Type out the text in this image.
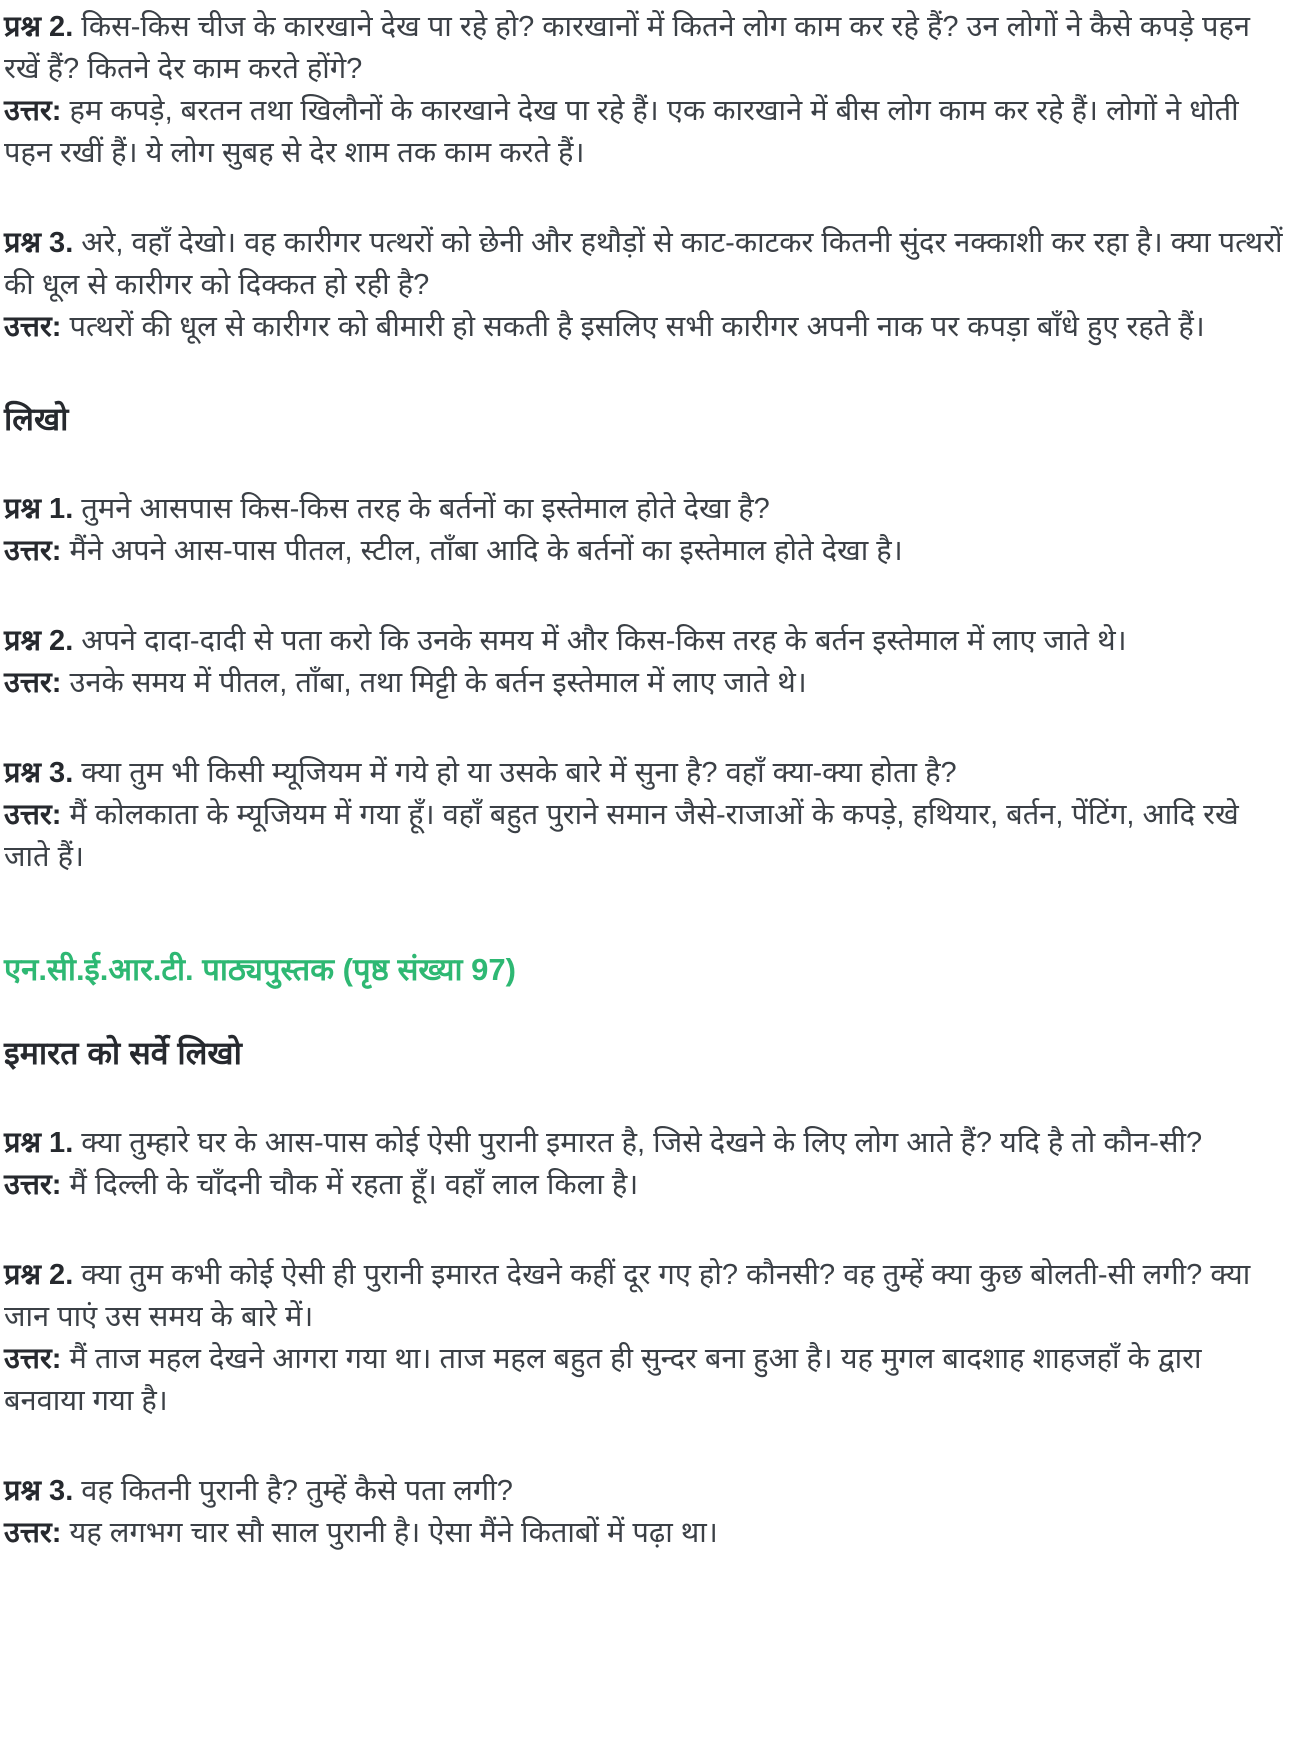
प्रश्न 2. किस-किस चीज के कारखाने देख पा रहे हो? कारखानों में कितने लोग काम कर रहे हैं? उन लोगों ने कैसे कपड़े पहन रखें हैं? कितने देर काम करते होंगे?

उत्तर: हम कपड़े, बरतन तथा खिलौनों के कारखाने देख पा रहे हैं। एक कारखाने में बीस लोग काम कर रहे हैं। लोगों ने धोती पहन रखीं हैं। ये लोग सुबह से देर शाम तक काम करते हैं।

प्रश्न 3. अरे, वहाँ देखो। वह कारीगर पत्थरों को छेनी और हथौड़ों से काट-काटकर कितनी सुंदर नक्काशी कर रहा है। क्या पत्थरों की धूल से कारीगर को दिक्कत हो रही है?

उत्तर: पत्थरों की धूल से कारीगर को बीमारी हो सकती है इसलिए सभी कारीगर अपनी नाक पर कपड़ा बाँधे हुए रहते हैं।

लिखो

प्रश्न 1. तुमने आसपास किस-किस तरह के बर्तनों का इस्तेमाल होते देखा है?

उत्तर: मैंने अपने आस-पास पीतल, स्टील, ताँबा आदि के बर्तनों का इस्तेमाल होते देखा है।

प्रश्न 2. अपने दादा-दादी से पता करो कि उनके समय में और किस-किस तरह के बर्तन इस्तेमाल में लाए जाते थे।

उत्तर: उनके समय में पीतल, ताँबा, तथा मिट्टी के बर्तन इस्तेमाल में लाए जाते थे।

प्रश्न 3. क्या तुम भी किसी म्यूजियम में गये हो या उसके बारे में सुना है? वहाँ क्या-क्या होता है?

उत्तर: मैं कोलकाता के म्यूजियम में गया हूँ। वहाँ बहुत पुराने समान जैसे-राजाओं के कपड़े, हथियार, बर्तन, पेंटिंग, आदि रखे जाते हैं।

एन.सी.ई.आर.टी. पाठ्यपुस्तक (पृष्ठ संख्या 97)
इमारत को सर्वे लिखो

प्रश्न 1. क्या तुम्हारे घर के आस-पास कोई ऐसी पुरानी इमारत है, जिसे देखने के लिए लोग आते हैं? यदि है तो कौन-सी?

उत्तर: मैं दिल्ली के चाँदनी चौक में रहता हूँ। वहाँ लाल किला है।

प्रश्न 2. क्या तुम कभी कोई ऐसी ही पुरानी इमारत देखने कहीं दूर गए हो? कौनसी? वह तुम्हें क्या कुछ बोलती-सी लगी? क्या जान पाएं उस समय के बारे में।

उत्तर: मैं ताज महल देखने आगरा गया था। ताज महल बहुत ही सुन्दर बना हुआ है। यह मुगल बादशाह शाहजहाँ के द्वारा बनवाया गया है।

प्रश्न 3. वह कितनी पुरानी है? तुम्हें कैसे पता लगी?

उत्तर: यह लगभग चार सौ साल पुरानी है। ऐसा मैंने किताबों में पढ़ा था।
